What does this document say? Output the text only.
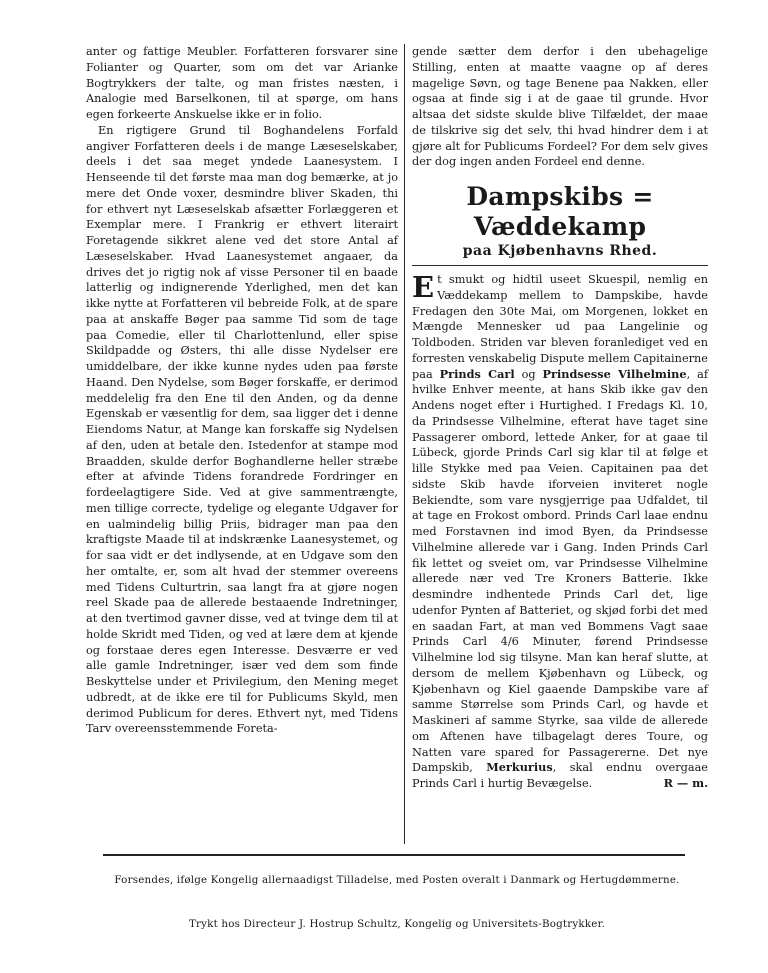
anter og fattige Meubler. Forfatteren forsvarer sine Folianter og Quarter, som om det var Arianke Bogtrykkers der talte, og man fristes næsten, i Analogie med Barselkonen, til at spørge, om hans egen forkeerte Anskuelse ikke er in folio.

En rigtigere Grund til Boghandelens Forfald angiver Forfatteren deels i de mange Læseselskaber, deels i det saa meget yndede Laanesystem. I Henseende til det første maa man dog bemærke, at jo mere det Onde voxer, desmindre bliver Skaden, thi for ethvert nyt Læseselskab afsætter Forlæggeren et Exemplar mere. I Frankrig er ethvert literairt Foretagende sikkret alene ved det store Antal af Læseselskaber. Hvad Laanesystemet angaaer, da drives det jo rigtig nok af visse Personer til en baade latterlig og indignerende Yderlighed, men det kan ikke nytte at Forfatteren vil bebreide Folk, at de spare paa at anskaffe Bøger paa samme Tid som de tage paa Comedie, eller til Charlottenlund, eller spise Skildpadde og Østers, thi alle disse Nydelser ere umiddelbare, der ikke kunne nydes uden paa første Haand. Den Nydelse, som Bøger forskaffe, er derimod meddelelig fra den Ene til den Anden, og da denne Egenskab er væsentlig for dem, saa ligger det i denne Eiendoms Natur, at Mange kan forskaffe sig Nydelsen af den, uden at betale den. Istedenfor at stampe mod Braadden, skulde derfor Boghandlerne heller stræbe efter at afvinde Tidens forandrede Fordringer en fordeelagtigere Side. Ved at give sammentrængte, men tillige correcte, tydelige og elegante Udgaver for en ualmindelig billig Priis, bidrager man paa den kraftigste Maade til at indskrænke Laanesystemet, og for saa vidt er det indlysende, at en Udgave som den her omtalte, er, som alt hvad der stemmer overeens med Tidens Culturtrin, saa langt fra at gjøre nogen reel Skade paa de allerede bestaaende Indretninger, at den tvertimod gavner disse, ved at tvinge dem til at holde Skridt med Tiden, og ved at lære dem at kjende og forstaae deres egen Interesse. Desværre er ved alle gamle Indretninger, især ved dem som finde Beskyttelse under et Privilegium, den Mening meget udbredt, at de ikke ere til for Publicums Skyld, men derimod Publicum for deres. Ethvert nyt, med Tidens Tarv overeensstemmende Foreta-

gende sætter dem derfor i den ubehagelige Stilling, enten at maatte vaagne op af deres magelige Søvn, og tage Benene paa Nakken, eller ogsaa at finde sig i at de gaae til grunde. Hvor altsaa det sidste skulde blive Tilfældet, der maae de tilskrive sig det selv, thi hvad hindrer dem i at gjøre alt for Publicums Fordeel? For dem selv gives der dog ingen anden Fordeel end denne.

Dampskibs = Væddekamp
paa Kjøbenhavns Rhed.

Et smukt og hidtil useet Skuespil, nemlig en Væddekamp mellem to Dampskibe, havde Fredagen den 30te Mai, om Morgenen, lokket en Mængde Mennesker ud paa Langelinie og Toldboden. Striden var bleven foranlediget ved en forresten venskabelig Dispute mellem Capitainerne paa Prinds Carl og Prindsesse Vilhelmine, af hvilke Enhver meente, at hans Skib ikke gav den Andens noget efter i Hurtighed. I Fredags Kl. 10, da Prindsesse Vilhelmine, efterat have taget sine Passagerer ombord, lettede Anker, for at gaae til Lübeck, gjorde Prinds Carl sig klar til at følge et lille Stykke med paa Veien. Capitainen paa det sidste Skib havde iforveien inviteret nogle Bekiendte, som vare nysgjerrige paa Udfaldet, til at tage en Frokost ombord. Prinds Carl laae endnu med Forstavnen ind imod Byen, da Prindsesse Vilhelmine allerede var i Gang. Inden Prinds Carl fik lettet og sveiet om, var Prindsesse Vilhelmine allerede nær ved Tre Kroners Batterie. Ikke desmindre indhentede Prinds Carl det, lige udenfor Pynten af Batteriet, og skjød forbi det med en saadan Fart, at man ved Bommens Vagt saae Prinds Carl 4/6 Minuter, førend Prindsesse Vilhelmine lod sig tilsyne. Man kan heraf slutte, at dersom de mellem Kjøbenhavn og Lübeck, og Kjøbenhavn og Kiel gaaende Dampskibe vare af samme Størrelse som Prinds Carl, og havde et Maskineri af samme Styrke, saa vilde de allerede om Aftenen have tilbagelagt deres Toure, og Natten vare spared for Passagererne. Det nye Dampskib, Merkurius, skal endnu overgaae Prinds Carl i hurtig Bevægelse.	R — m.

Forsendes, ifølge Kongelig allernaadigst Tilladelse, med Posten overalt i Danmark og Hertugdømmerne.
Trykt hos Directeur J. Hostrup Schultz, Kongelig og Universitets-Bogtrykker.
